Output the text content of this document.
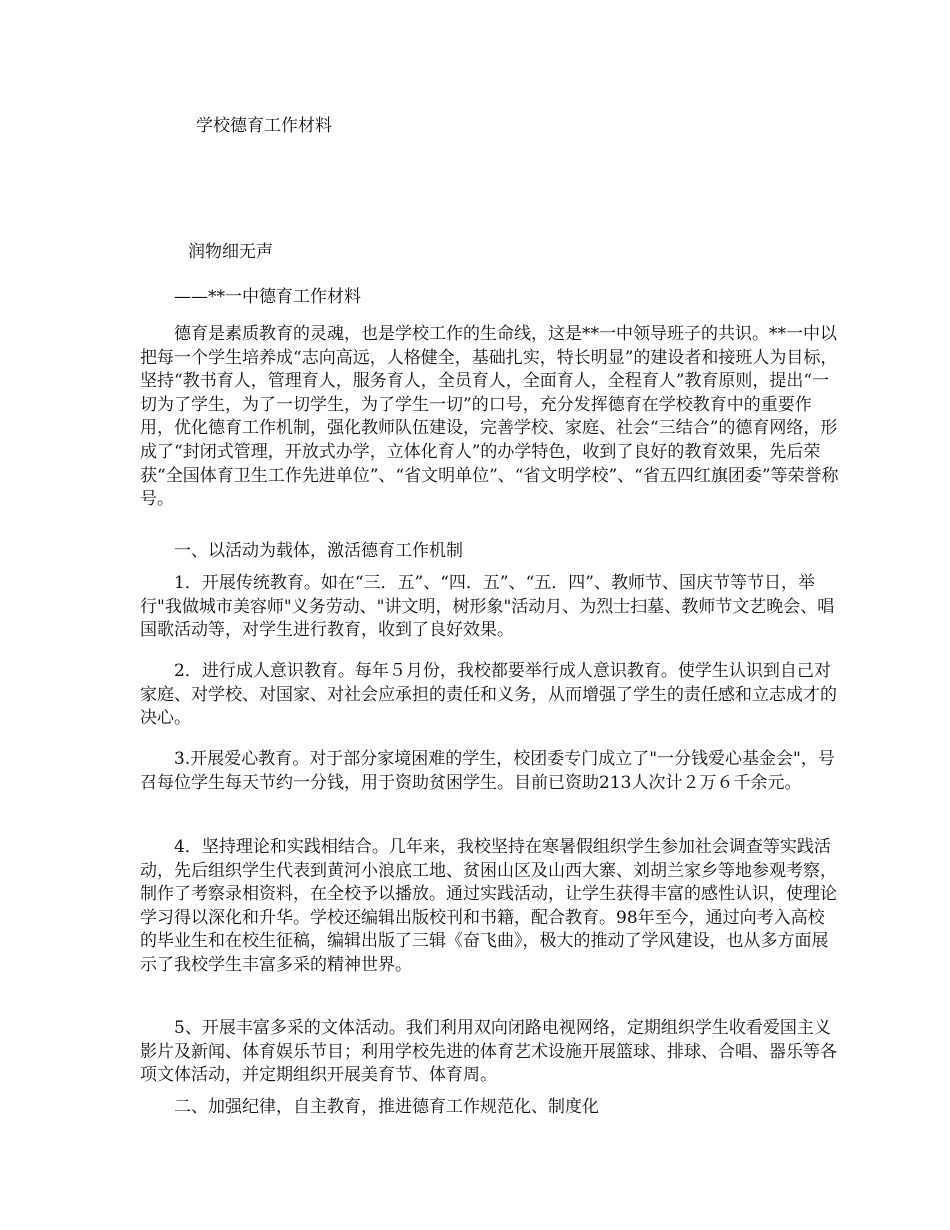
学校德育工作材料
润物细无声
——**一中德育工作材料

德育是素质教育的灵魂，也是学校工作的生命线，这是**一中领导班子的共识。**一中以把每一个学生培养成“志向高远，人格健全，基础扎实，特长明显”的建设者和接班人为目标，坚持“教书育人，管理育人，服务育人，全员育人，全面育人，全程育人”教育原则，提出“一切为了学生，为了一切学生，为了学生一切”的口号，充分发挥德育在学校教育中的重要作用，优化德育工作机制，强化教师队伍建设，完善学校、家庭、社会“三结合”的德育网络，形成了“封闭式管理，开放式办学，立体化育人”的办学特色，收到了良好的教育效果，先后荣获“全国体育卫生工作先进单位”、“省文明单位”、“省文明学校”、“省五四红旗团委”等荣誉称号。

一、以活动为载体，激活德育工作机制

1．开展传统教育。如在“三．五”、“四．五”、“五．四”、教师节、国庆节等节日，举行"我做城市美容师"义务劳动、"讲文明，树形象"活动月、为烈士扫墓、教师节文艺晚会、唱国歌活动等，对学生进行教育，收到了良好效果。

2．进行成人意识教育。每年５月份，我校都要举行成人意识教育。使学生认识到自己对家庭、对学校、对国家、对社会应承担的责任和义务，从而增强了学生的责任感和立志成才的决心。

3.开展爱心教育。对于部分家境困难的学生，校团委专门成立了"一分钱爱心基金会"，号召每位学生每天节约一分钱，用于资助贫困学生。目前已资助213人次计２万６千余元。

4．坚持理论和实践相结合。几年来，我校坚持在寒暑假组织学生参加社会调查等实践活动，先后组织学生代表到黄河小浪底工地、贫困山区及山西大寨、刘胡兰家乡等地参观考察，制作了考察录相资料，在全校予以播放。通过实践活动，让学生获得丰富的感性认识，使理论学习得以深化和升华。学校还编辑出版校刊和书籍，配合教育。98年至今，通过向考入高校的毕业生和在校生征稿，编辑出版了三辑《奋飞曲》，极大的推动了学风建设，也从多方面展示了我校学生丰富多采的精神世界。

5、开展丰富多采的文体活动。我们利用双向闭路电视网络，定期组织学生收看爱国主义影片及新闻、体育娱乐节目；利用学校先进的体育艺术设施开展篮球、排球、合唱、器乐等各项文体活动，并定期组织开展美育节、体育周。

二、加强纪律，自主教育，推进德育工作规范化、制度化
